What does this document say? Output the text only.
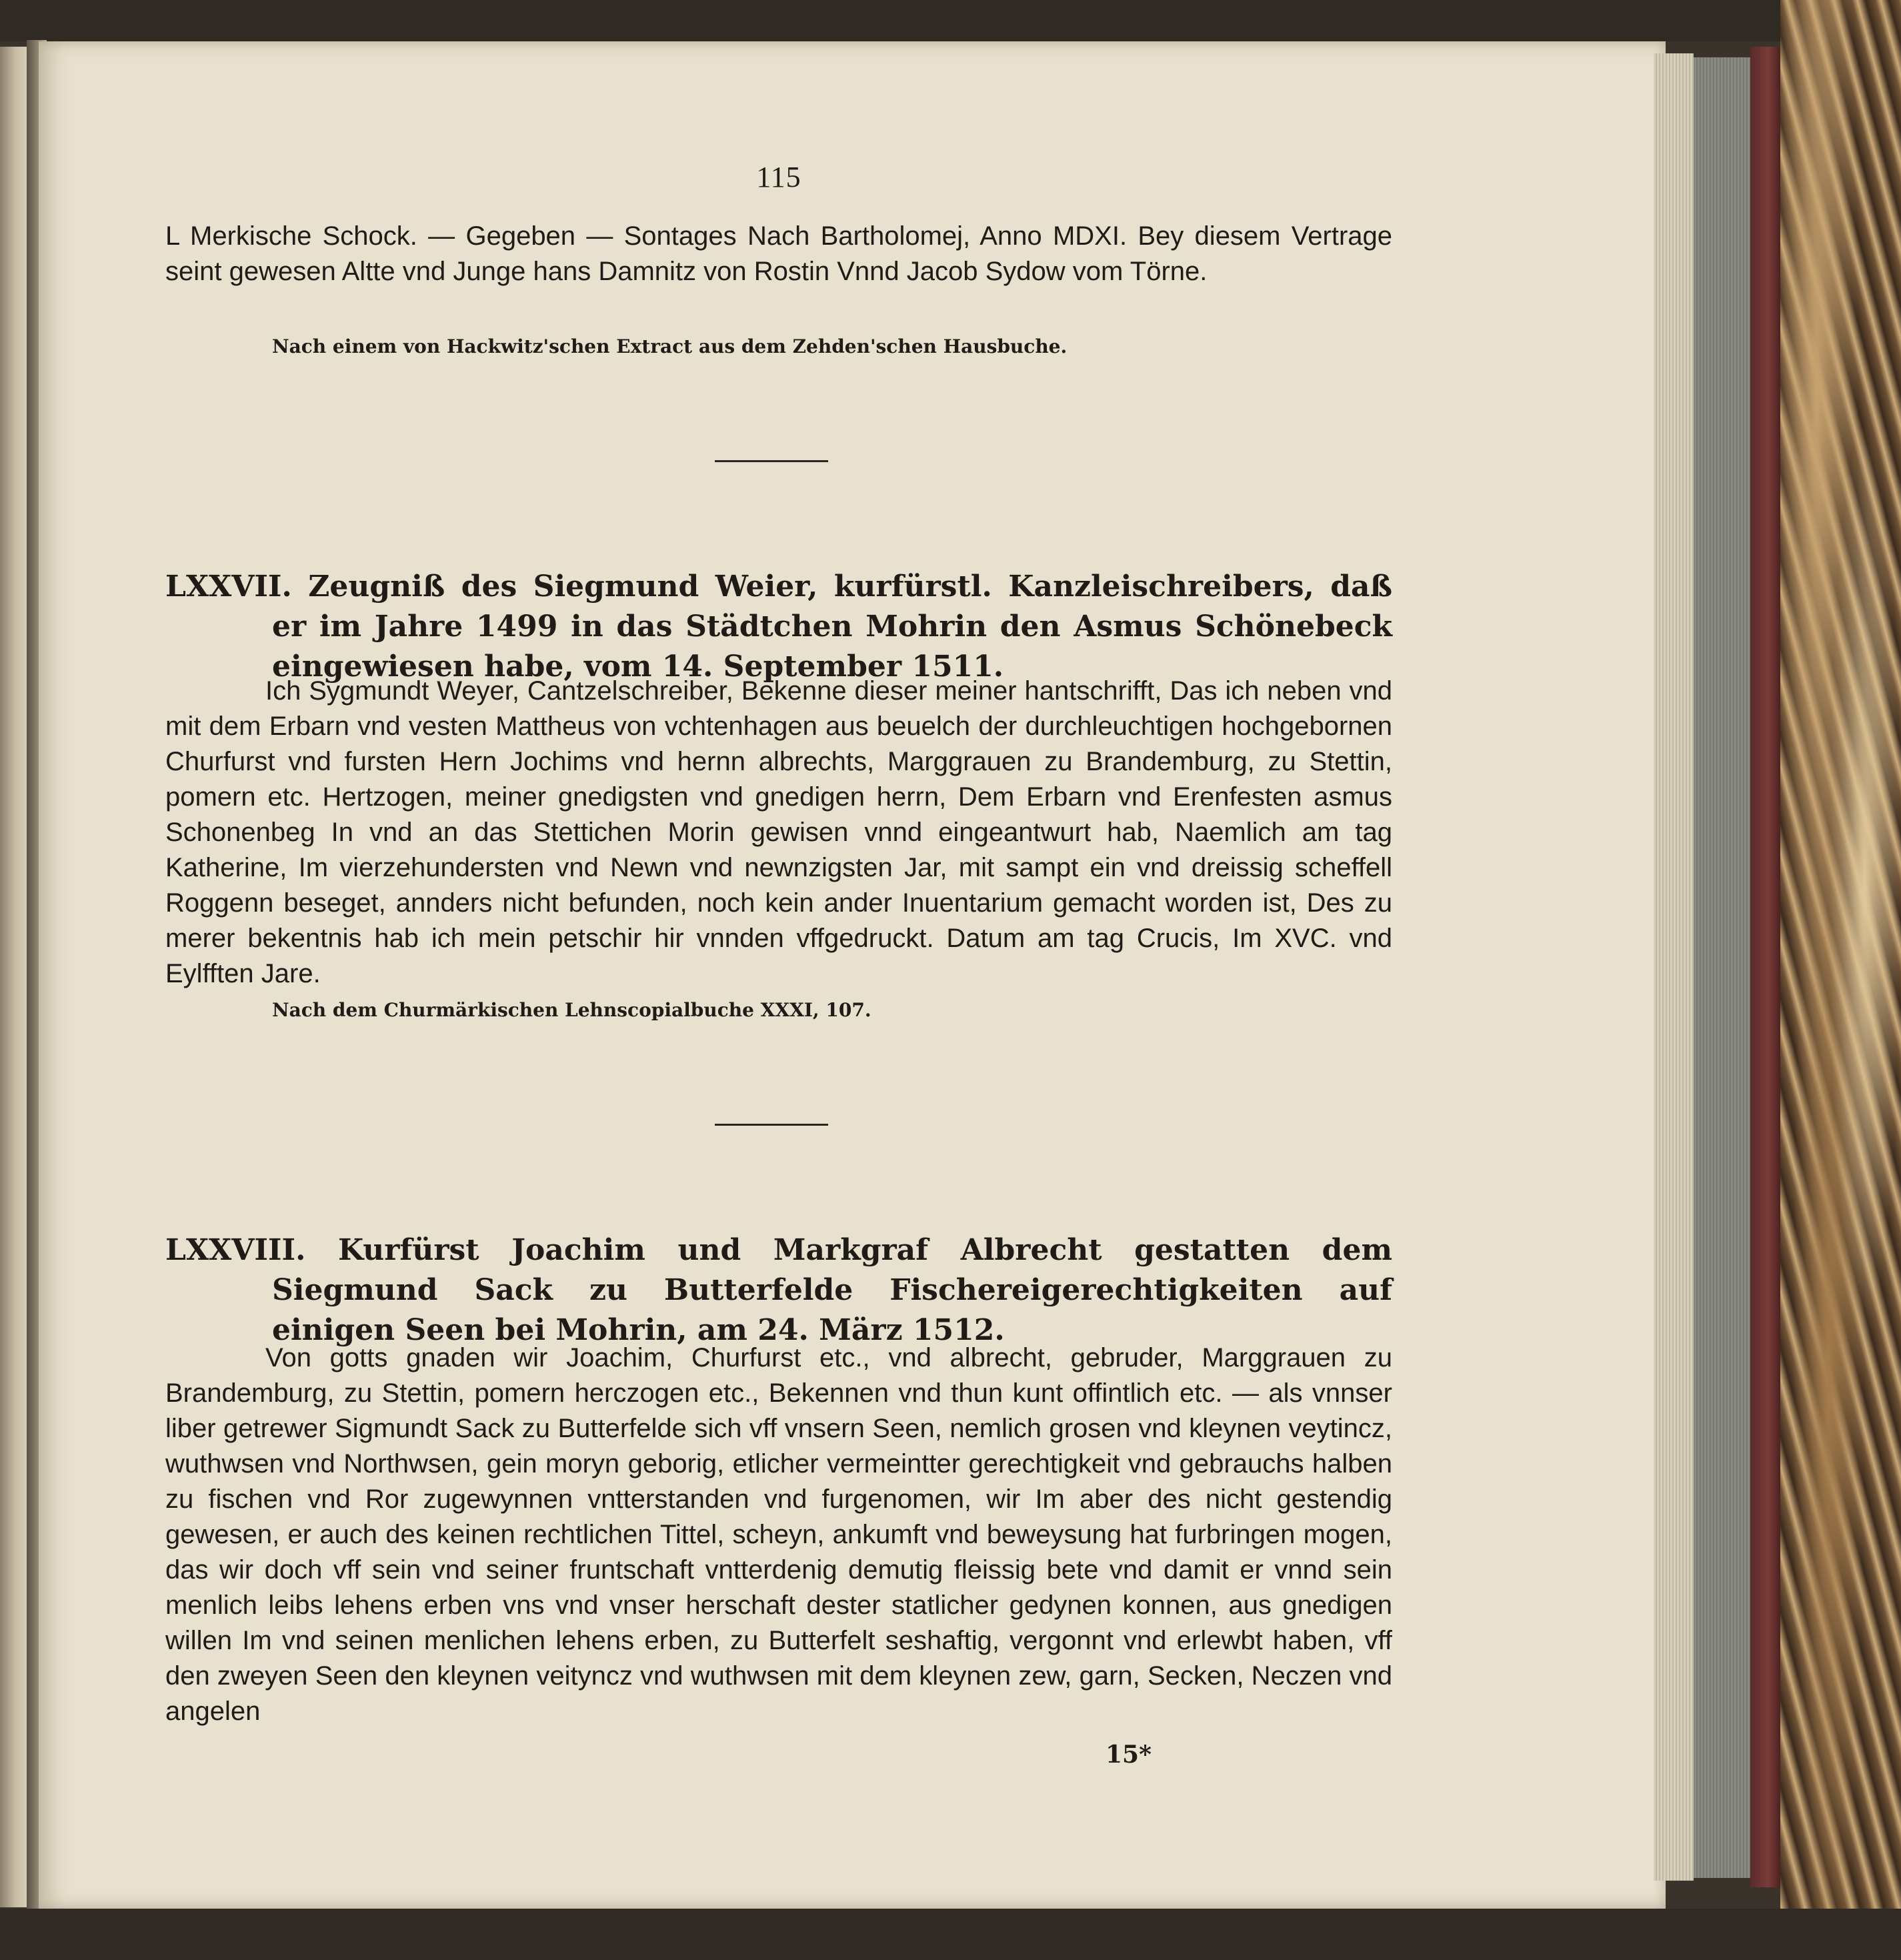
115
L Merkische Schock. — Gegeben — Sontages Nach Bartholomej, Anno MDXI. Bey diesem Vertrage seint gewesen Altte vnd Junge hans Damnitz von Rostin Vnnd Jacob Sydow vom Törne.
Nach einem von Hackwitz'schen Extract aus dem Zehden'schen Hausbuche.
LXXVII. Zeugniß des Siegmund Weier, kurfürstl. Kanzleischreibers, daß er im Jahre 1499 in das Städtchen Mohrin den Asmus Schönebeck eingewiesen habe, vom 14. September 1511.
Ich Sygmundt Weyer, Cantzelschreiber, Bekenne dieser meiner hantschrifft, Das ich neben vnd mit dem Erbarn vnd vesten Mattheus von vchtenhagen aus beuelch der durchleuchtigen hochgebornen Churfurst vnd fursten Hern Jochims vnd hernn albrechts, Marggrauen zu Brandemburg, zu Stettin, pomern etc. Hertzogen, meiner gnedigsten vnd gnedigen herrn, Dem Erbarn vnd Erenfesten asmus Schonenbeg In vnd an das Stettichen Morin gewisen vnnd eingeantwurt hab, Naemlich am tag Katherine, Im vierzehundersten vnd Newn vnd newnzigsten Jar, mit sampt ein vnd dreissig scheffell Roggenn beseget, annders nicht befunden, noch kein ander Inuentarium gemacht worden ist, Des zu merer bekentnis hab ich mein petschir hir vnnden vffgedruckt. Datum am tag Crucis, Im XVC. vnd Eylfften Jare.
Nach dem Churmärkischen Lehnscopialbuche XXXI, 107.
LXXVIII. Kurfürst Joachim und Markgraf Albrecht gestatten dem Siegmund Sack zu Butterfelde Fischereigerechtigkeiten auf einigen Seen bei Mohrin, am 24. März 1512.
Von gotts gnaden wir Joachim, Churfurst etc., vnd albrecht, gebruder, Marggrauen zu Brandemburg, zu Stettin, pomern herczogen etc., Bekennen vnd thun kunt offintlich etc. — als vnnser liber getrewer Sigmundt Sack zu Butterfelde sich vff vnsern Seen, nemlich grosen vnd kleynen veytincz, wuthwsen vnd Northwsen, gein moryn geborig, etlicher vermeintter gerechtigkeit vnd gebrauchs halben zu fischen vnd Ror zugewynnen vntterstanden vnd furgenomen, wir Im aber des nicht gestendig gewesen, er auch des keinen rechtlichen Tittel, scheyn, ankumft vnd beweysung hat furbringen mogen, das wir doch vff sein vnd seiner fruntschaft vntterdenig demutig fleissig bete vnd damit er vnnd sein menlich leibs lehens erben vns vnd vnser herschaft dester statlicher gedynen konnen, aus gnedigen willen Im vnd seinen menlichen lehens erben, zu Butterfelt seshaftig, vergonnt vnd erlewbt haben, vff den zweyen Seen den kleynen veityncz vnd wuthwsen mit dem kleynen zew, garn, Secken, Neczen vnd angelen
15*
